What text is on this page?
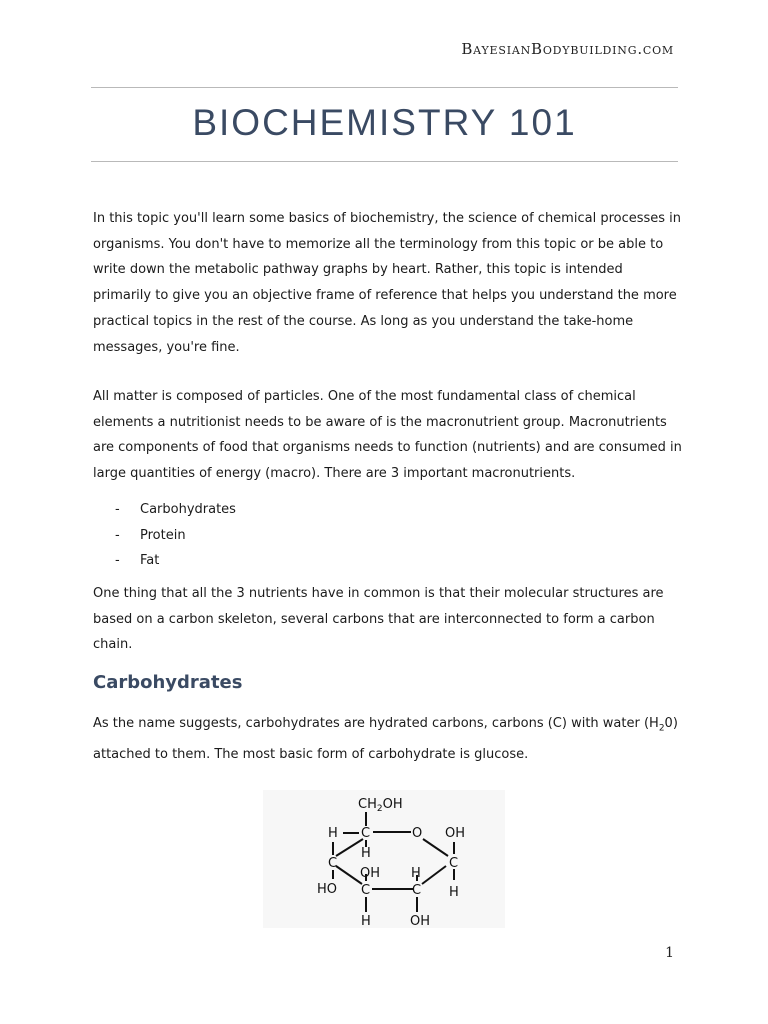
BayesianBodybuilding.com
BIOCHEMISTRY 101
In this topic you'll learn some basics of biochemistry, the science of chemical processes in organisms. You don't have to memorize all the terminology from this topic or be able to write down the metabolic pathway graphs by heart. Rather, this topic is intended primarily to give you an objective frame of reference that helps you understand the more practical topics in the rest of the course. As long as you understand the take-home messages, you're fine.
All matter is composed of particles. One of the most fundamental class of chemical elements a nutritionist needs to be aware of is the macronutrient group. Macronutrients are components of food that organisms needs to function (nutrients) and are consumed in large quantities of energy (macro). There are 3 important macronutrients.
-	Carbohydrates
-	Protein
-	Fat
One thing that all the 3 nutrients have in common is that their molecular structures are based on a carbon skeleton, several carbons that are interconnected to form a carbon chain.
Carbohydrates
As the name suggests, carbohydrates are hydrated carbons, carbons (C) with water $(H_20)$ attached to them. The most basic form of carbohydrate is glucose.
$CH_2OH$
H C	O OH
H
C	C
OH H
H
HO C	C
H	OH
1
